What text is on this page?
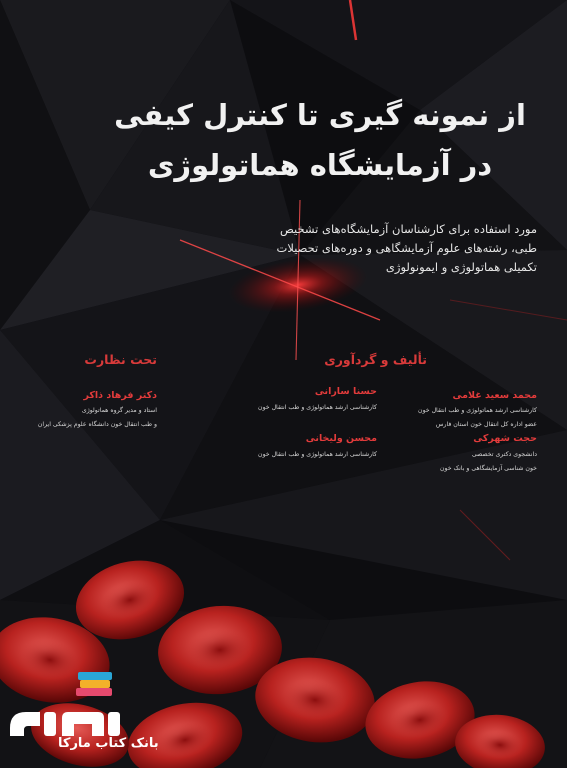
از نمونه گیری تا کنترل کیفی
در آزمایشگاه هماتولوژی
مورد استفاده برای کارشناسان آزمایشگاه‌های تشخیص
طبی، رشته‌های علوم آزمایشگاهی و دوره‌های تحصیلات
تکمیلی هماتولوژی و ایمونولوژی
تحت نظارت
دکتر فرهاد ذاکر
استاد و مدیر گروه هماتولوژی
و طب انتقال خون دانشگاه علوم پزشکی ایران
تألیف و گردآوری
محمد سعید غلامی
کارشناسی ارشد هماتولوژی و طب انتقال خون
عضو اداره کل انتقال خون استان فارس
حسنا سارانی
کارشناسی ارشد هماتولوژی و طب انتقال خون
حجت شهرکی
دانشجوی دکتری تخصصی
خون شناسی آزمایشگاهی و بانک خون
محسن ولیخانی
کارشناسی ارشد هماتولوژی و طب انتقال خون
بانک کتاب مارکا
